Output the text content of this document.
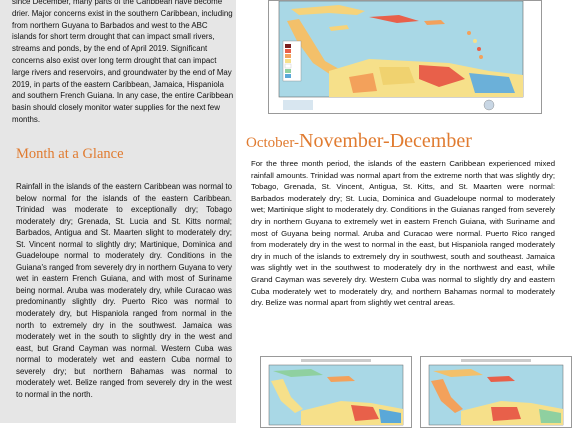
since December, many parts of the Caribbean have become drier. Major concerns exist in the southern Caribbean, including from northern Guyana to Barbados and west to the ABC islands for short term drought that can impact small rivers, streams and ponds, by the end of April 2019. Significant concerns also exist over long term drought that can impact large rivers and reservoirs, and groundwater by the end of May 2019, in parts of the eastern Caribbean, Jamaica, Hispaniola and southern French Guiana. In any case, the entire Caribbean basin should closely monitor water supplies for the next few months.
Month at a Glance
Rainfall in the islands of the eastern Caribbean was normal to below normal for the islands of the eastern Caribbean. Trinidad was moderate to exceptionally dry; Tobago moderately dry; Grenada, St. Lucia and St. Kitts normal; Barbados, Antigua and St. Maarten slight to moderately dry; St. Vincent normal to slightly dry; Martinique, Dominica and Guadeloupe normal to moderately dry. Conditions in the Guiana's ranged from severely dry in northern Guyana to very wet in eastern French Guiana, and with most of Suriname being normal. Aruba was moderately dry, while Curacao was predominantly slightly dry. Puerto Rico was normal to moderately dry, but Hispaniola ranged from normal in the north to extremely dry in the southwest. Jamaica was moderately wet in the south to slightly dry in the west and east, but Grand Cayman was normal. Western Cuba was normal to moderately wet and eastern Cuba normal to severely dry; but northern Bahamas was normal to moderately wet. Belize ranged from severely dry in the west to normal in the north.
October-November-December
For the three month period, the islands of the eastern Caribbean experienced mixed rainfall amounts. Trinidad was normal apart from the extreme north that was slightly dry; Tobago, Grenada, St. Vincent, Antigua, St. Kitts, and St. Maarten were normal: Barbados moderately dry; St. Lucia, Dominica and Guadeloupe normal to moderately wet; Martinique slight to moderately dry. Conditions in the Guianas ranged from severely dry in northern Guyana to extremely wet in eastern French Guiana, with Suriname and most of Guyana being normal. Aruba and Curacao were normal. Puerto Rico ranged from moderately dry in the west to normal in the east, but Hispaniola ranged moderately dry in much of the islands to extremely dry in southwest, south and southeast. Jamaica was slightly wet in the southwest to moderately dry in the northwest and east, while Grand Cayman was severely dry. Western Cuba was normal to slightly dry and eastern Cuba moderately wet to moderately dry, and northern Bahamas normal to moderately dry. Belize was normal apart from slightly wet central areas.
